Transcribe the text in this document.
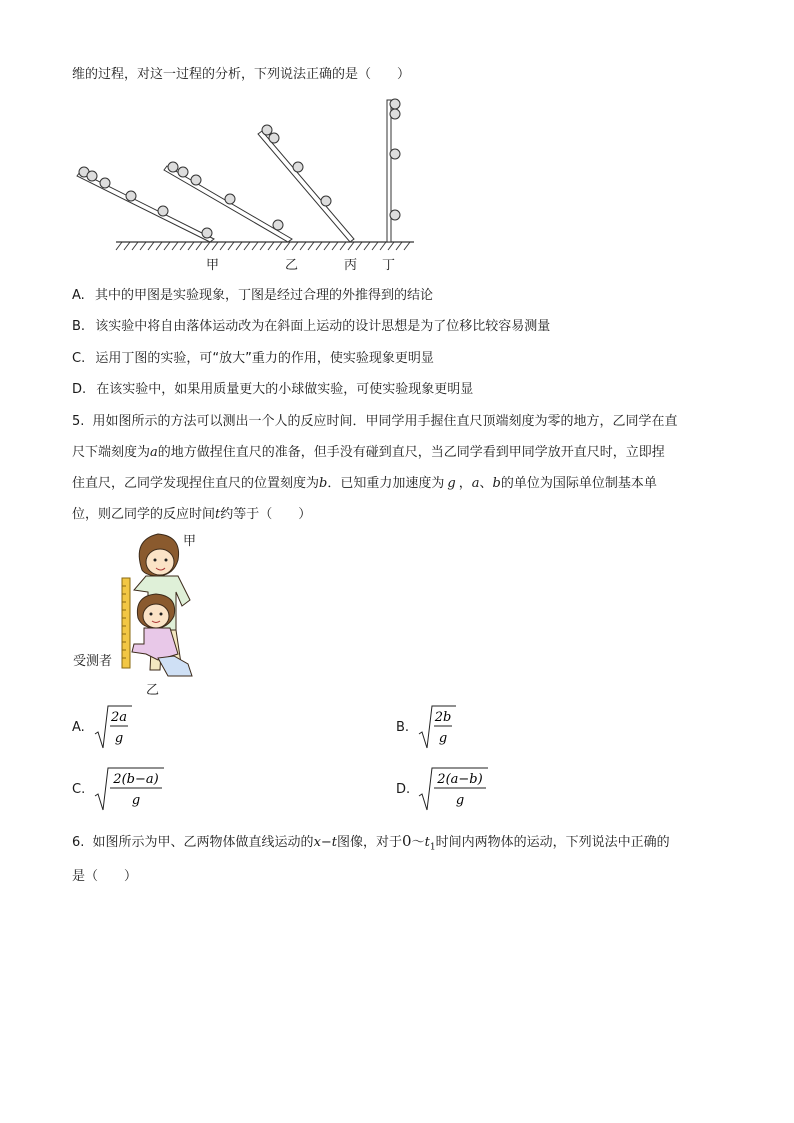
维的过程，对这一过程的分析，下列说法正确的是（　　）
甲	乙	丙 丁
A. 其中的甲图是实验现象，丁图是经过合理的外推得到的结论
B. 该实验中将自由落体运动改为在斜面上运动的设计思想是为了位移比较容易测量
C. 运用丁图的实验，可“放大”重力的作用，使实验现象更明显
D. 在该实验中，如果用质量更大的小球做实验，可使实验现象更明显
5. 用如图所示的方法可以测出一个人的反应时间．甲同学用手握住直尺顶端刻度为零的地方，乙同学在直
尺下端刻度为a的地方做捏住直尺的准备，但手没有碰到直尺，当乙同学看到甲同学放开直尺时，立即捏
住直尺，乙同学发现捏住直尺的位置刻度为b．已知重力加速度为 g ，a、b的单位为国际单位制基本单
位，则乙同学的反应时间t约等于（　　）
甲
受测者
乙
A.
2a
g
B.
2b
g
C.
2(b−a)
g
D.
2(a−b)
g
6. 如图所示为甲、乙两物体做直线运动的x−t图像，对于$0\sim t_1$时间内两物体的运动，下列说法中正确的
是（　　）
